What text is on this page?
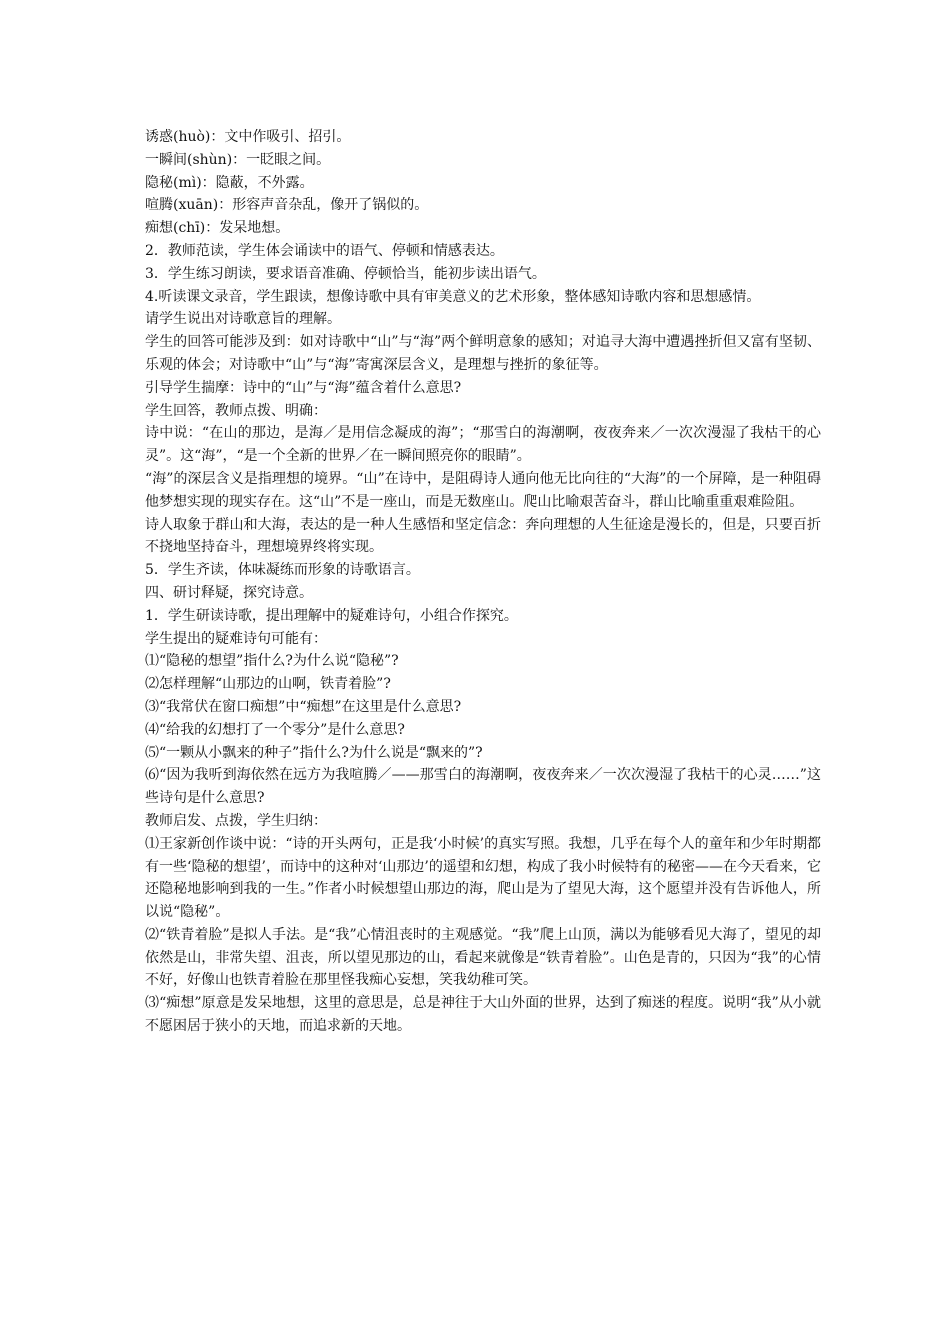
诱惑(huò)：文中作吸引、招引。

一瞬间(shùn)：一眨眼之间。

隐秘(mì)：隐蔽，不外露。

喧腾(xuān)：形容声音杂乱，像开了锅似的。

痴想(chī)：发呆地想。

2．教师范读，学生体会诵读中的语气、停顿和情感表达。

3．学生练习朗读，要求语音准确、停顿恰当，能初步读出语气。

4.听读课文录音，学生跟读，想像诗歌中具有审美意义的艺术形象，整体感知诗歌内容和思想感情。

请学生说出对诗歌意旨的理解。

学生的回答可能涉及到：如对诗歌中“山”与“海”两个鲜明意象的感知；对追寻大海中遭遇挫折但又富有坚韧、乐观的体会；对诗歌中“山”与“海”寄寓深层含义，是理想与挫折的象征等。

引导学生揣摩：诗中的“山”与“海”蕴含着什么意思?

学生回答，教师点拨、明确：

诗中说：“在山的那边，是海／是用信念凝成的海”；“那雪白的海潮啊，夜夜奔来／一次次漫湿了我枯干的心灵”。这“海”，“是一个全新的世界／在一瞬间照亮你的眼睛”。

“海”的深层含义是指理想的境界。“山”在诗中，是阻碍诗人通向他无比向往的“大海”的一个屏障，是一种阻碍他梦想实现的现实存在。这“山”不是一座山，而是无数座山。爬山比喻艰苦奋斗，群山比喻重重艰难险阻。

诗人取象于群山和大海，表达的是一种人生感悟和坚定信念：奔向理想的人生征途是漫长的，但是，只要百折不挠地坚持奋斗，理想境界终将实现。

5．学生齐读，体味凝练而形象的诗歌语言。

四、研讨释疑，探究诗意。

1．学生研读诗歌，提出理解中的疑难诗句，小组合作探究。

学生提出的疑难诗句可能有：

⑴“隐秘的想望”指什么?为什么说“隐秘”?

⑵怎样理解“山那边的山啊，铁青着脸”?

⑶“我常伏在窗口痴想”中“痴想”在这里是什么意思?

⑷“给我的幻想打了一个零分”是什么意思?

⑸“一颗从小飘来的种子”指什么?为什么说是“飘来的”?

⑹“因为我听到海依然在远方为我喧腾／——那雪白的海潮啊，夜夜奔来／一次次漫湿了我枯干的心灵……”这些诗句是什么意思?

教师启发、点拨，学生归纳：

⑴王家新创作谈中说：“诗的开头两句，正是我‘小时候’的真实写照。我想，几乎在每个人的童年和少年时期都有一些‘隐秘的想望’，而诗中的这种对‘山那边’的遥望和幻想，构成了我小时候特有的秘密——在今天看来，它还隐秘地影响到我的一生。”作者小时候想望山那边的海，爬山是为了望见大海，这个愿望并没有告诉他人，所以说“隐秘”。

⑵“铁青着脸”是拟人手法。是“我”心情沮丧时的主观感觉。“我”爬上山顶，满以为能够看见大海了，望见的却依然是山，非常失望、沮丧，所以望见那边的山，看起来就像是“铁青着脸”。山色是青的，只因为“我”的心情不好，好像山也铁青着脸在那里怪我痴心妄想，笑我幼稚可笑。

⑶“痴想”原意是发呆地想，这里的意思是，总是神往于大山外面的世界，达到了痴迷的程度。说明“我”从小就不愿困居于狭小的天地，而追求新的天地。
